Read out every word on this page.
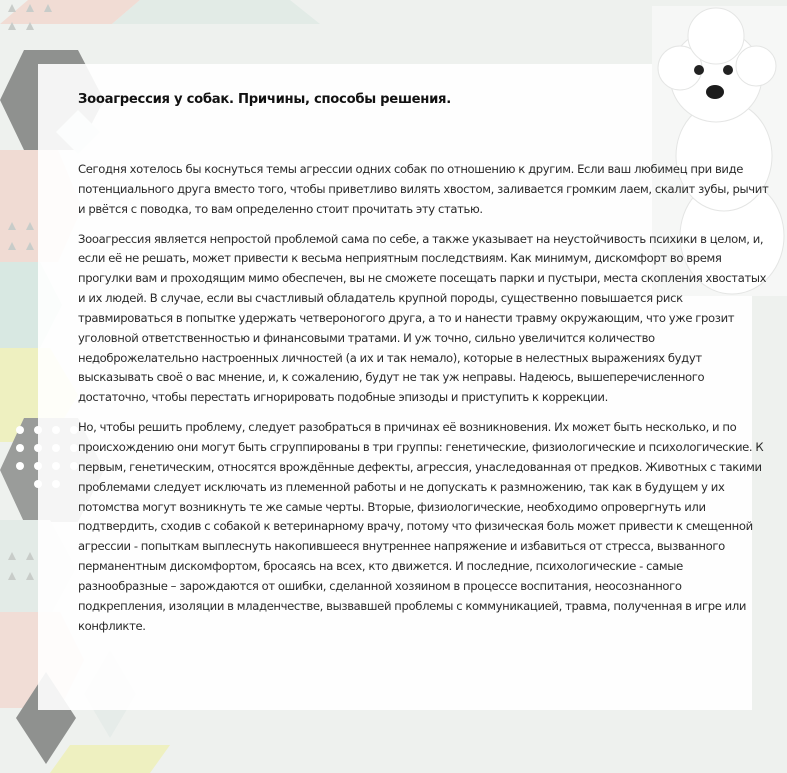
Зооагрессия у собак. Причины, способы решения.

Сегодня хотелось бы коснуться темы агрессии одних собак по отношению к другим. Если ваш любимец при виде потенциального друга вместо того, чтобы приветливо вилять хвостом, заливается громким лаем, скалит зубы, рычит и рвётся с поводка, то вам определенно стоит прочитать эту статью.

Зооагрессия является непростой проблемой сама по себе, а также указывает на неустойчивость психики в целом, и, если её не решать, может привести к весьма неприятным последствиям. Как минимум, дискомфорт во время прогулки вам и проходящим мимо обеспечен, вы не сможете посещать парки и пустыри, места скопления хвостатых и их людей. В случае, если вы счастливый обладатель крупной породы, существенно повышается риск травмироваться в попытке удержать четвероногого друга, а то и нанести травму окружающим, что уже грозит уголовной ответственностью и финансовыми тратами. И уж точно, сильно увеличится количество недоброжелательно настроенных личностей (а их и так немало), которые в нелестных выражениях будут высказывать своё о вас мнение, и, к сожалению, будут не так уж неправы. Надеюсь, вышеперечисленного достаточно, чтобы перестать игнорировать подобные эпизоды и приступить к коррекции.

Но, чтобы решить проблему, следует разобраться в причинах её возникновения. Их может быть несколько, и по происхождению они могут быть сгруппированы в три группы: генетические, физиологические и психологические. К первым, генетическим, относятся врождённые дефекты, агрессия, унаследованная от предков. Животных с такими проблемами следует исключать из племенной работы и не допускать к размножению, так как в будущем у их потомства могут возникнуть те же самые черты. Вторые, физиологические, необходимо опровергнуть или подтвердить, сходив с собакой к ветеринарному врачу, потому что физическая боль может привести к смещенной агрессии - попыткам выплеснуть накопившееся внутреннее напряжение и избавиться от стресса, вызванного перманентным дискомфортом, бросаясь на всех, кто движется. И последние, психологические - самые разнообразные – зарождаются от ошибки, сделанной хозяином в процессе воспитания, неосознанного подкрепления, изоляции в младенчестве, вызвавшей проблемы с коммуникацией, травма, полученная в игре или конфликте.
